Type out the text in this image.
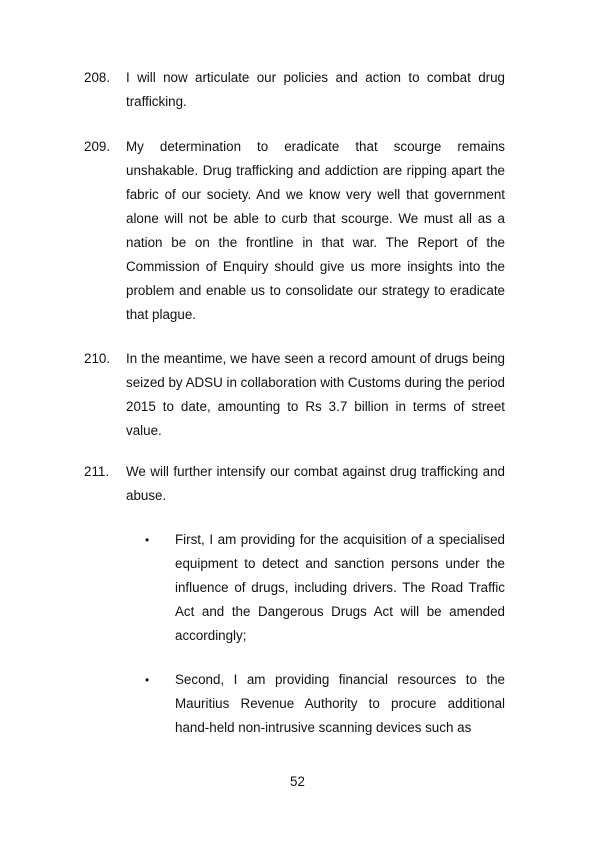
208. I will now articulate our policies and action to combat drug trafficking.
209. My determination to eradicate that scourge remains unshakable. Drug trafficking and addiction are ripping apart the fabric of our society. And we know very well that government alone will not be able to curb that scourge. We must all as a nation be on the frontline in that war. The Report of the Commission of Enquiry should give us more insights into the problem and enable us to consolidate our strategy to eradicate that plague.
210. In the meantime, we have seen a record amount of drugs being seized by ADSU in collaboration with Customs during the period 2015 to date, amounting to Rs 3.7 billion in terms of street value.
211. We will further intensify our combat against drug trafficking and abuse.
• First, I am providing for the acquisition of a specialised equipment to detect and sanction persons under the influence of drugs, including drivers. The Road Traffic Act and the Dangerous Drugs Act will be amended accordingly;
• Second, I am providing financial resources to the Mauritius Revenue Authority to procure additional hand-held non-intrusive scanning devices such as
52
